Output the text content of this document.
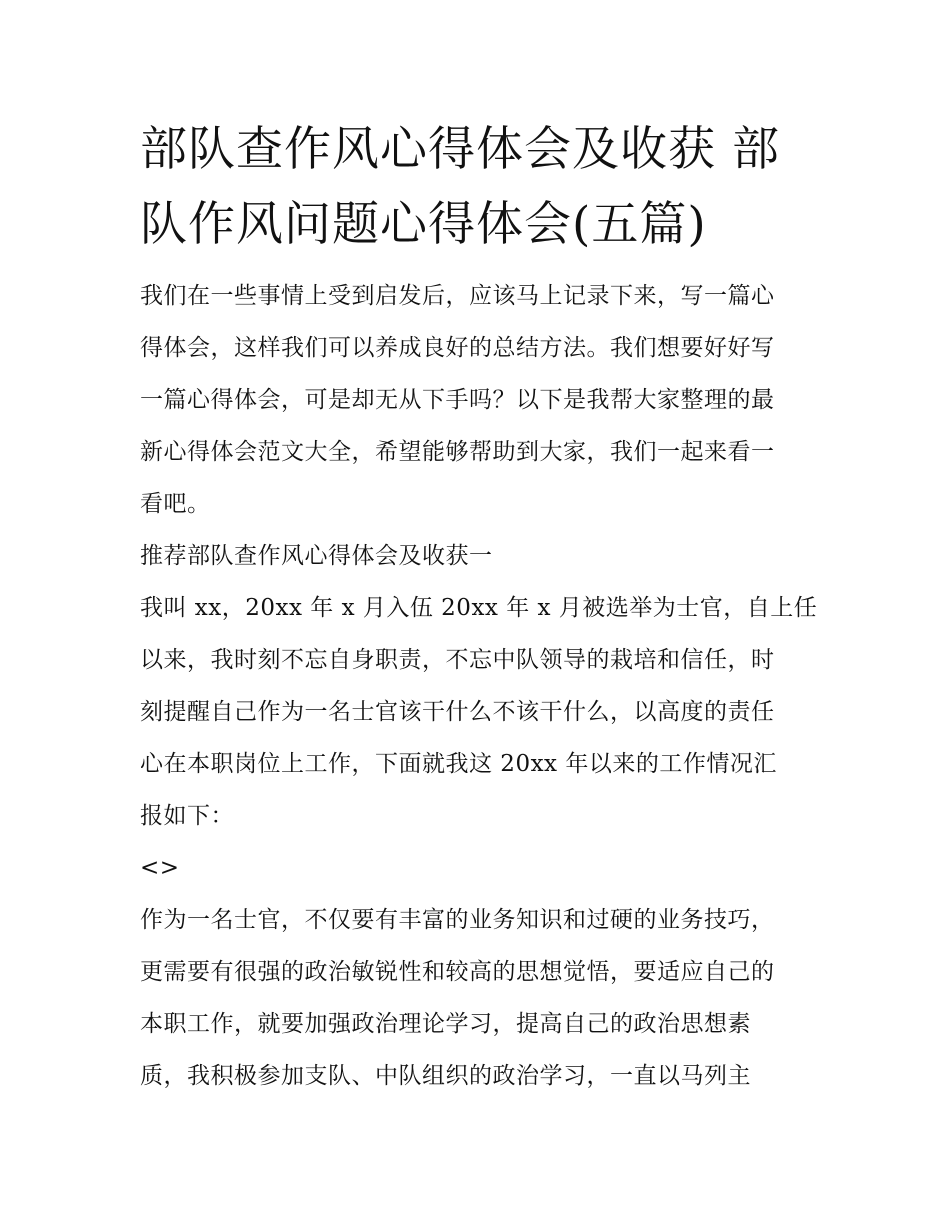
部队查作风心得体会及收获 部
队作风问题心得体会(五篇)

我们在一些事情上受到启发后，应该马上记录下来，写一篇心
得体会，这样我们可以养成良好的总结方法。我们想要好好写
一篇心得体会，可是却无从下手吗？以下是我帮大家整理的最
新心得体会范文大全，希望能够帮助到大家，我们一起来看一
看吧。

推荐部队查作风心得体会及收获一

我叫 xx，20xx 年 x 月入伍 20xx 年 x 月被选举为士官，自上任
以来，我时刻不忘自身职责，不忘中队领导的栽培和信任，时
刻提醒自己作为一名士官该干什么不该干什么，以高度的责任
心在本职岗位上工作，下面就我这 20xx 年以来的工作情况汇
报如下：

<>

作为一名士官，不仅要有丰富的业务知识和过硬的业务技巧，
更需要有很强的政治敏锐性和较高的思想觉悟，要适应自己的
本职工作，就要加强政治理论学习，提高自己的政治思想素
质，我积极参加支队、中队组织的政治学习，一直以马列主
